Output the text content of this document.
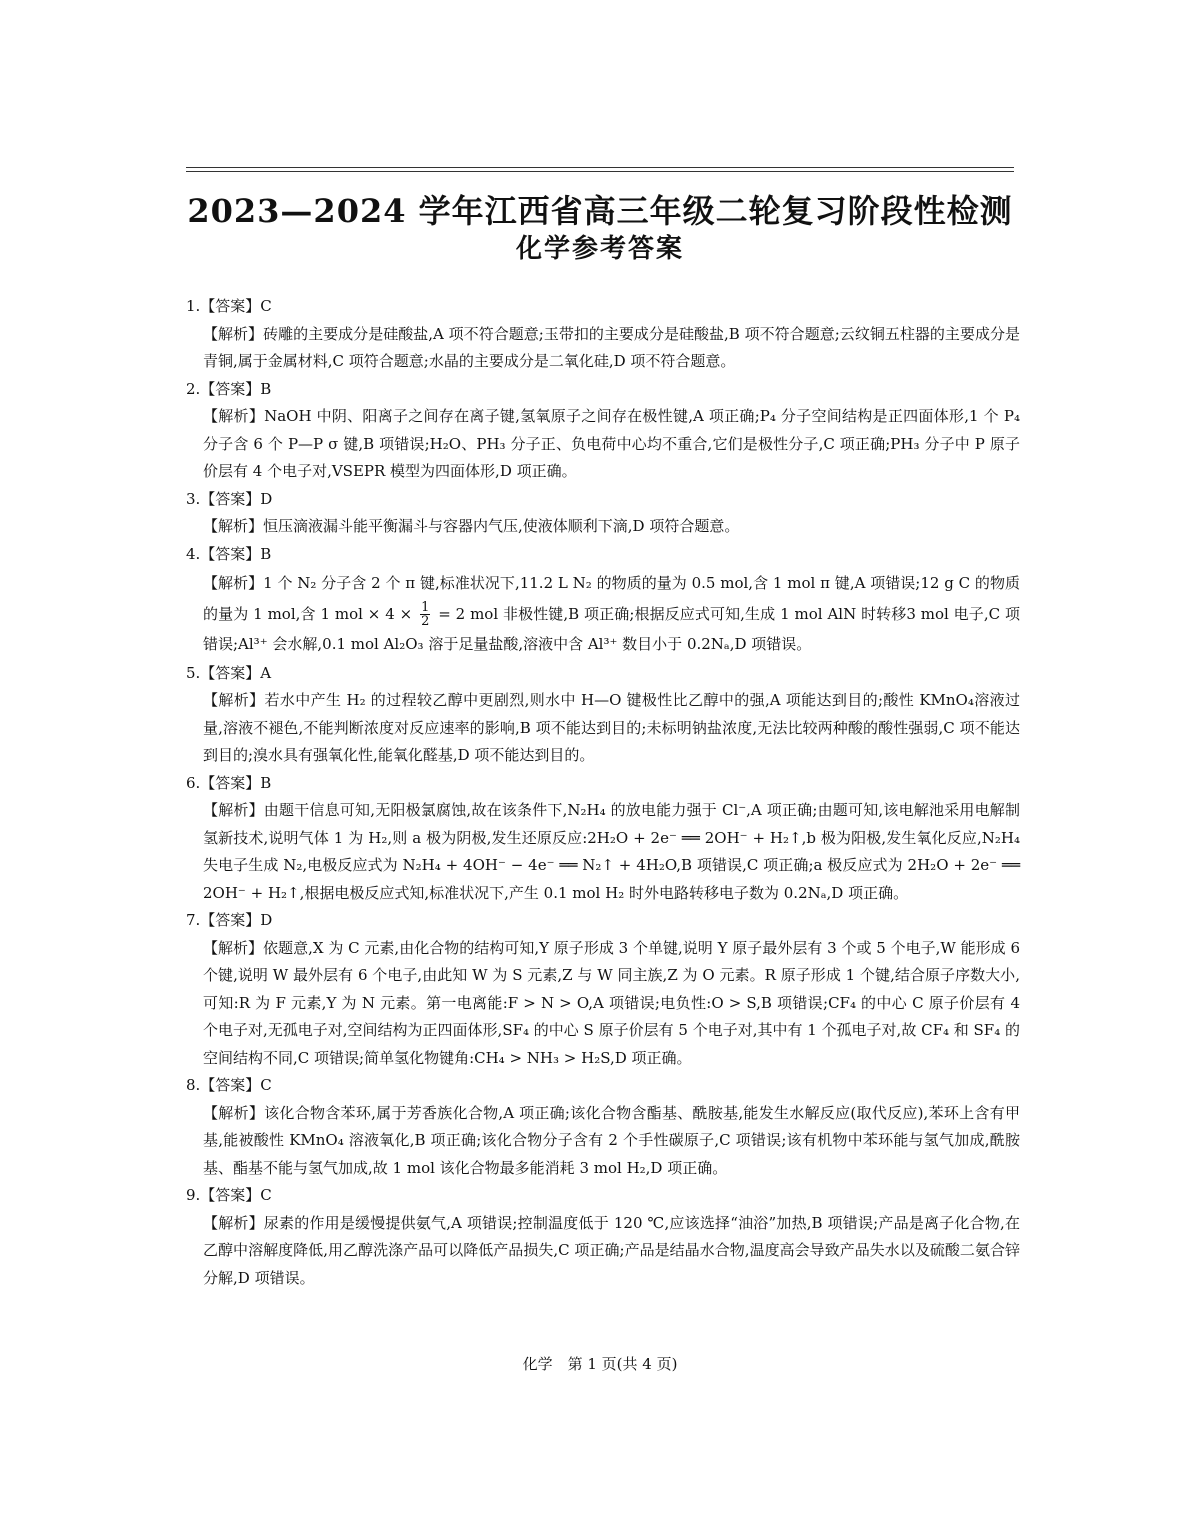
2023—2024 学年江西省高三年级二轮复习阶段性检测
化学参考答案
1.【答案】C
【解析】砖雕的主要成分是硅酸盐,A 项不符合题意;玉带扣的主要成分是硅酸盐,B 项不符合题意;云纹铜五柱器的主要成分是青铜,属于金属材料,C 项符合题意;水晶的主要成分是二氧化硅,D 项不符合题意。
2.【答案】B
【解析】NaOH 中阴、阳离子之间存在离子键,氢氧原子之间存在极性键,A 项正确;P₄ 分子空间结构是正四面体形,1 个 P₄ 分子含 6 个 P—P σ 键,B 项错误;H₂O、PH₃ 分子正、负电荷中心均不重合,它们是极性分子,C 项正确;PH₃ 分子中 P 原子价层有 4 个电子对,VSEPR 模型为四面体形,D 项正确。
3.【答案】D
【解析】恒压滴液漏斗能平衡漏斗与容器内气压,使液体顺利下滴,D 项符合题意。
4.【答案】B
【解析】1 个 N₂ 分子含 2 个 π 键,标准状况下,11.2 L N₂ 的物质的量为 0.5 mol,含 1 mol π 键,A 项错误;12 g C 的物质的量为 1 mol,含 1 mol × $4 \times \frac{1}{2} = 2$ mol 非极性键,B 项正确;根据反应式可知,生成 1 mol AlN 时转移3 mol 电子,C 项错误;Al³⁺ 会水解,0.1 mol Al₂O₃ 溶于足量盐酸,溶液中含 Al³⁺ 数目小于 0.2Nₐ,D 项错误。
5.【答案】A
【解析】若水中产生 H₂ 的过程较乙醇中更剧烈,则水中 H—O 键极性比乙醇中的强,A 项能达到目的;酸性 KMnO₄溶液过量,溶液不褪色,不能判断浓度对反应速率的影响,B 项不能达到目的;未标明钠盐浓度,无法比较两种酸的酸性强弱,C 项不能达到目的;溴水具有强氧化性,能氧化醛基,D 项不能达到目的。
6.【答案】B
【解析】由题干信息可知,无阳极氯腐蚀,故在该条件下,N₂H₄ 的放电能力强于 Cl⁻,A 项正确;由题可知,该电解池采用电解制氢新技术,说明气体 1 为 H₂,则 a 极为阴极,发生还原反应:2H₂O + 2e⁻ ══ 2OH⁻ + H₂↑,b 极为阳极,发生氧化反应,N₂H₄ 失电子生成 N₂,电极反应式为 N₂H₄ + 4OH⁻ − 4e⁻ ══ N₂↑ + 4H₂O,B 项错误,C 项正确;a 极反应式为 2H₂O + 2e⁻ ══ 2OH⁻ + H₂↑,根据电极反应式知,标准状况下,产生 0.1 mol H₂ 时外电路转移电子数为 0.2Nₐ,D 项正确。
7.【答案】D
【解析】依题意,X 为 C 元素,由化合物的结构可知,Y 原子形成 3 个单键,说明 Y 原子最外层有 3 个或 5 个电子,W 能形成 6 个键,说明 W 最外层有 6 个电子,由此知 W 为 S 元素,Z 与 W 同主族,Z 为 O 元素。R 原子形成 1 个键,结合原子序数大小,可知:R 为 F 元素,Y 为 N 元素。第一电离能:F > N > O,A 项错误;电负性:O > S,B 项错误;CF₄ 的中心 C 原子价层有 4 个电子对,无孤电子对,空间结构为正四面体形,SF₄ 的中心 S 原子价层有 5 个电子对,其中有 1 个孤电子对,故 CF₄ 和 SF₄ 的空间结构不同,C 项错误;简单氢化物键角:CH₄ > NH₃ > H₂S,D 项正确。
8.【答案】C
【解析】该化合物含苯环,属于芳香族化合物,A 项正确;该化合物含酯基、酰胺基,能发生水解反应(取代反应),苯环上含有甲基,能被酸性 KMnO₄ 溶液氧化,B 项正确;该化合物分子含有 2 个手性碳原子,C 项错误;该有机物中苯环能与氢气加成,酰胺基、酯基不能与氢气加成,故 1 mol 该化合物最多能消耗 3 mol H₂,D 项正确。
9.【答案】C
【解析】尿素的作用是缓慢提供氨气,A 项错误;控制温度低于 120 ℃,应该选择“油浴”加热,B 项错误;产品是离子化合物,在乙醇中溶解度降低,用乙醇洗涤产品可以降低产品损失,C 项正确;产品是结晶水合物,温度高会导致产品失水以及硫酸二氨合锌分解,D 项错误。
化学　第 1 页(共 4 页)
